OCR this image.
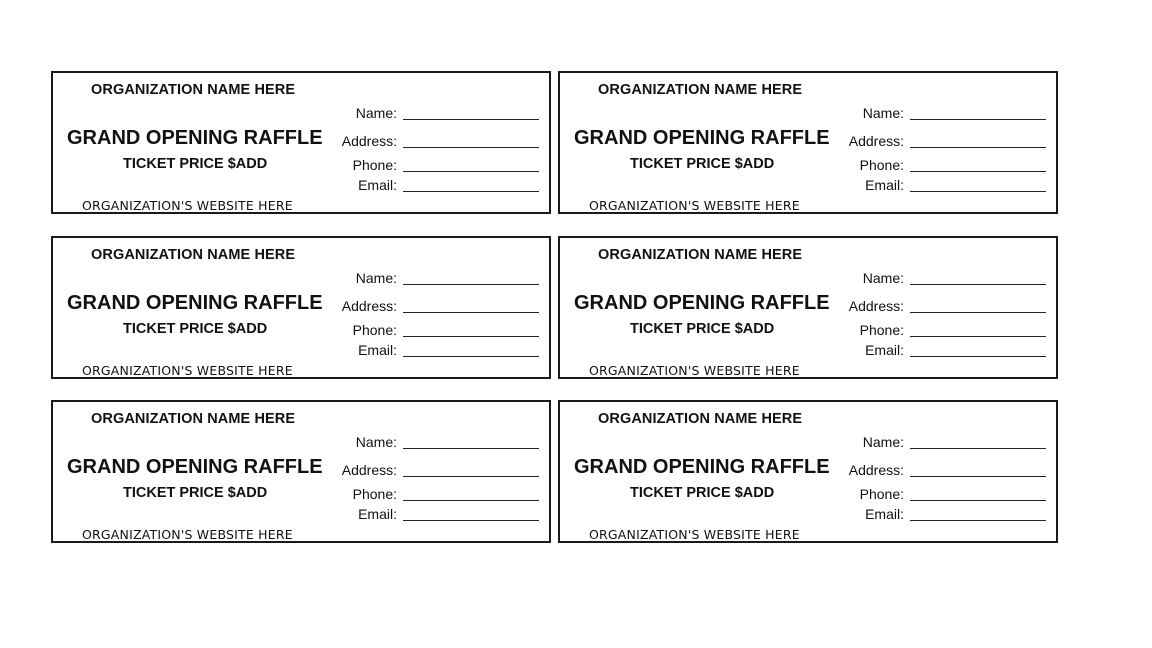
ORGANIZATION NAME HERE
GRAND OPENING RAFFLE
TICKET PRICE $ADD
ORGANIZATION'S WEBSITE HERE
Name:
Address:
Phone:
Email:
ORGANIZATION NAME HERE
GRAND OPENING RAFFLE
TICKET PRICE $ADD
ORGANIZATION'S WEBSITE HERE
Name:
Address:
Phone:
Email:
ORGANIZATION NAME HERE
GRAND OPENING RAFFLE
TICKET PRICE $ADD
ORGANIZATION'S WEBSITE HERE
Name:
Address:
Phone:
Email:
ORGANIZATION NAME HERE
GRAND OPENING RAFFLE
TICKET PRICE $ADD
ORGANIZATION'S WEBSITE HERE
Name:
Address:
Phone:
Email:
ORGANIZATION NAME HERE
GRAND OPENING RAFFLE
TICKET PRICE $ADD
ORGANIZATION'S WEBSITE HERE
Name:
Address:
Phone:
Email:
ORGANIZATION NAME HERE
GRAND OPENING RAFFLE
TICKET PRICE $ADD
ORGANIZATION'S WEBSITE HERE
Name:
Address:
Phone:
Email:
